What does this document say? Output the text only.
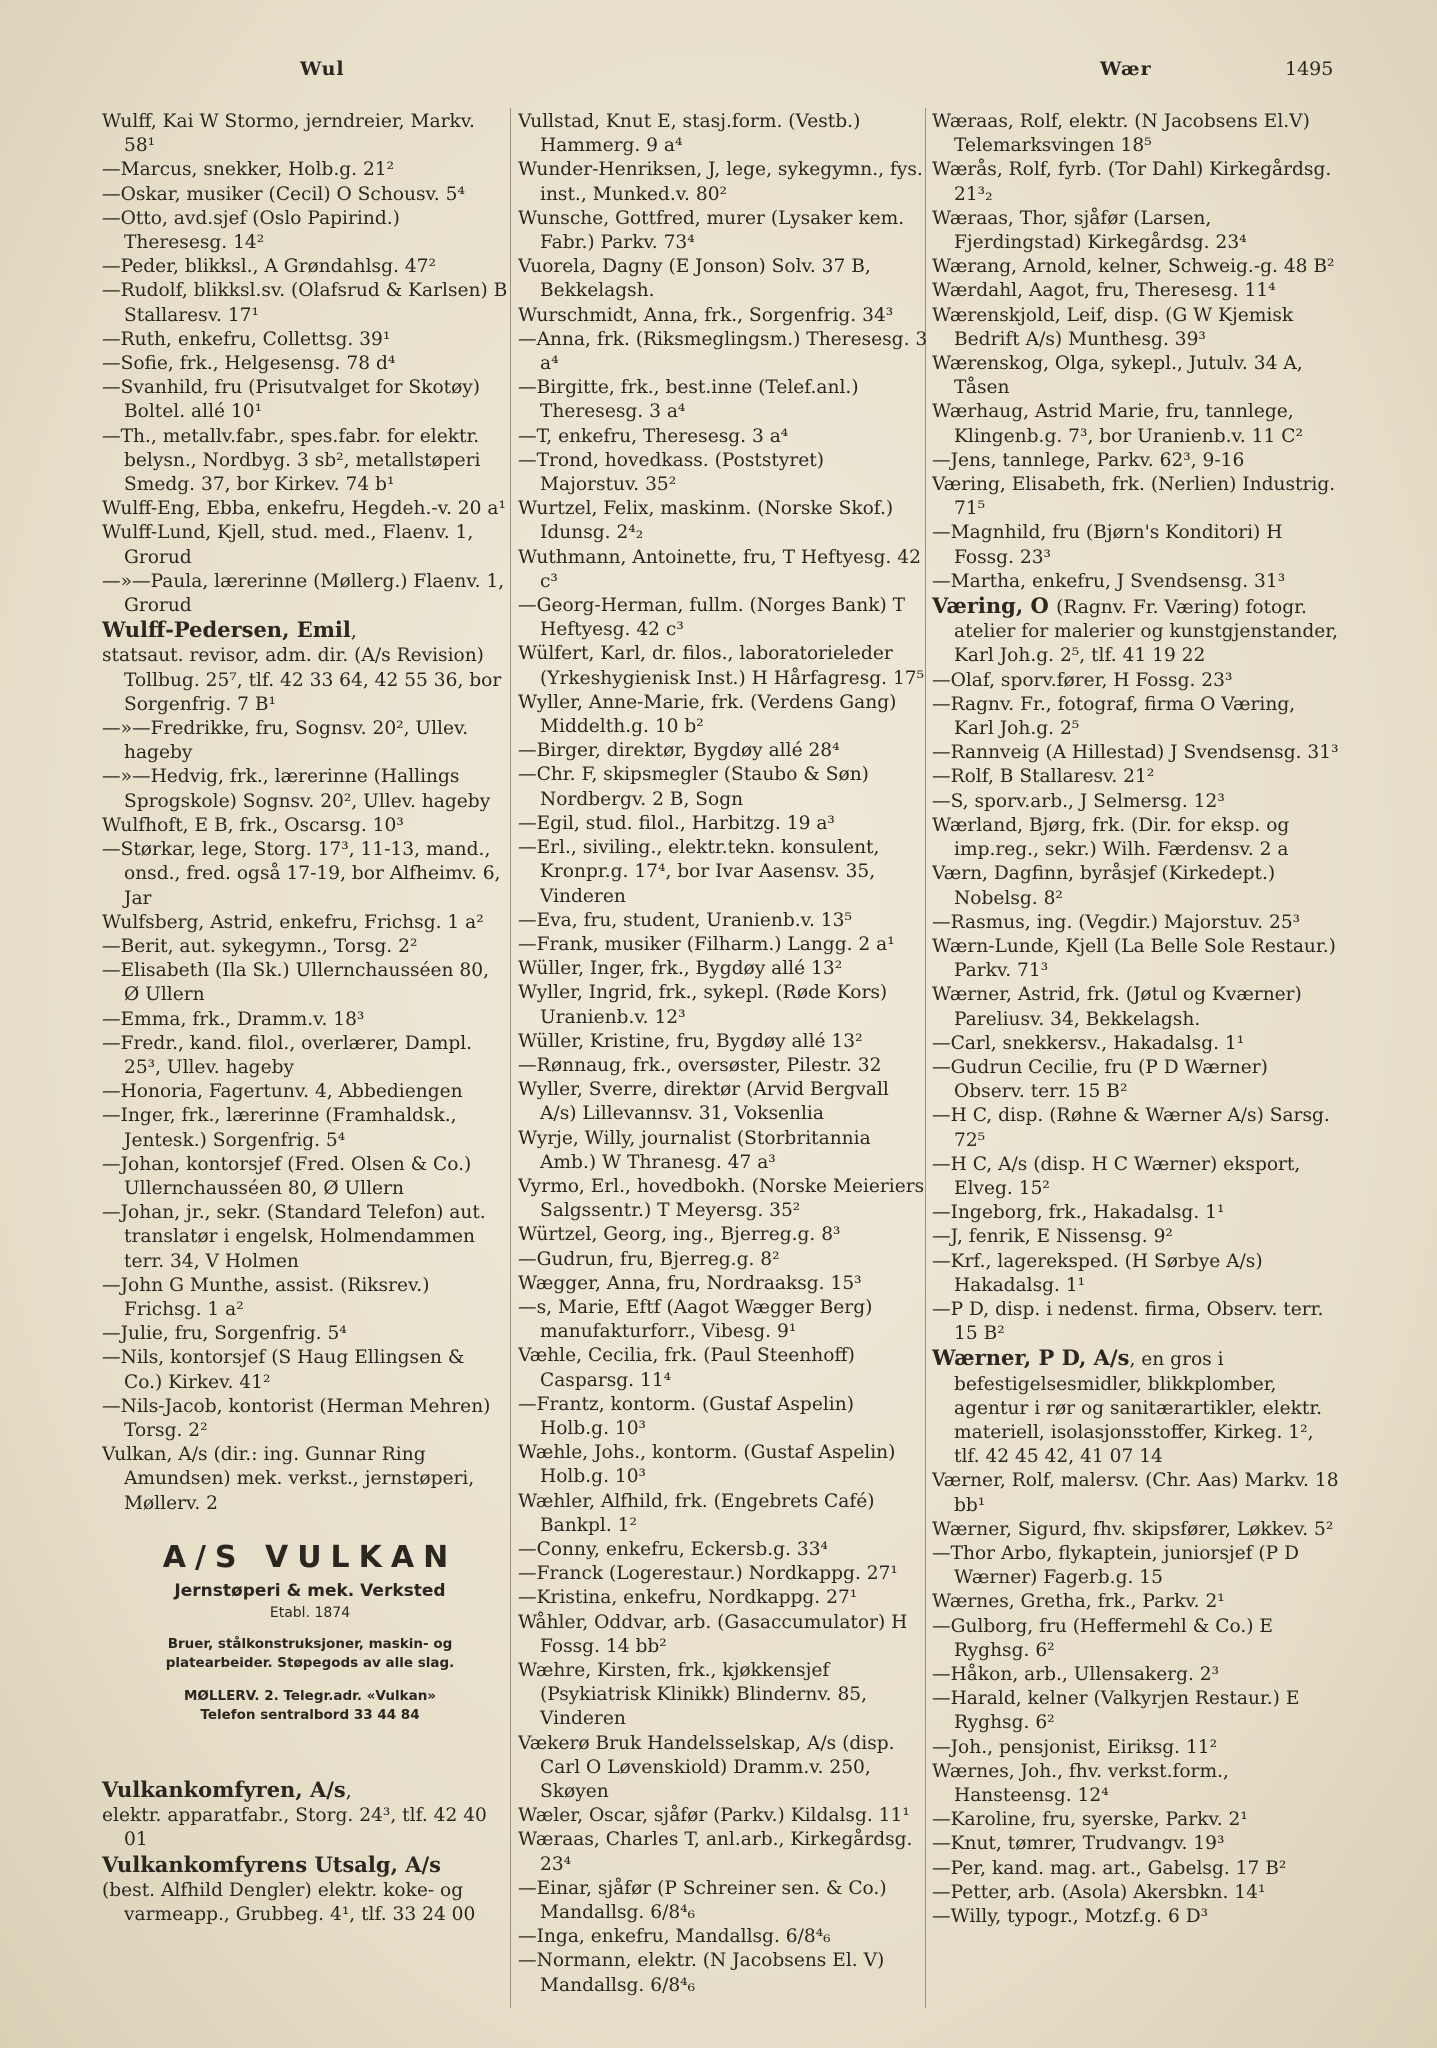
Wul	Wær	1495

Wulff, Kai W Stormo, jerndreier, Markv. 58¹

—Marcus, snekker, Holb.g. 21²

—Oskar, musiker (Cecil) O Schousv. 5⁴

—Otto, avd.sjef (Oslo Papirind.) Theresesg. 14²

—Peder, blikksl., A Grøndahlsg. 47²

—Rudolf, blikksl.sv. (Olafsrud & Karlsen) B Stallaresv. 17¹

—Ruth, enkefru, Collettsg. 39¹

—Sofie, frk., Helgesensg. 78 d⁴

—Svanhild, fru (Prisutvalget for Skotøy) Boltel. allé 10¹

—Th., metallv.fabr., spes.fabr. for elektr. belysn., Nordbyg. 3 sb², metallstøperi Smedg. 37, bor Kirkev. 74 b¹

Wulff-Eng, Ebba, enkefru, Hegdeh.-v. 20 a¹

Wulff-Lund, Kjell, stud. med., Flaenv. 1, Grorud

—»—Paula, lærerinne (Møllerg.) Flaenv. 1, Grorud

Wulff-Pedersen, Emil,

statsaut. revisor, adm. dir. (A/s Revision) Tollbug. 25⁷, tlf. 42 33 64, 42 55 36, bor Sorgenfrig. 7 B¹

—»—Fredrikke, fru, Sognsv. 20², Ullev. hageby

—»—Hedvig, frk., lærerinne (Hallings Sprogskole) Sognsv. 20², Ullev. hageby

Wulfhoft, E B, frk., Oscarsg. 10³

—Størkar, lege, Storg. 17³, 11-13, mand., onsd., fred. også 17-19, bor Alfheimv. 6, Jar

Wulfsberg, Astrid, enkefru, Frichsg. 1 a²

—Berit, aut. sykegymn., Torsg. 2²

—Elisabeth (Ila Sk.) Ullernchausséen 80, Ø Ullern

—Emma, frk., Dramm.v. 18³

—Fredr., kand. filol., overlærer, Dampl. 25³, Ullev. hageby

—Honoria, Fagertunv. 4, Abbediengen

—Inger, frk., lærerinne (Framhaldsk., Jentesk.) Sorgenfrig. 5⁴

—Johan, kontorsjef (Fred. Olsen & Co.) Ullernchausséen 80, Ø Ullern

—Johan, jr., sekr. (Standard Telefon) aut. translatør i engelsk, Holmendammen terr. 34, V Holmen

—John G Munthe, assist. (Riksrev.) Frichsg. 1 a²

—Julie, fru, Sorgenfrig. 5⁴

—Nils, kontorsjef (S Haug Ellingsen & Co.) Kirkev. 41²

—Nils-Jacob, kontorist (Herman Mehren) Torsg. 2²

Vulkan, A/s (dir.: ing. Gunnar Ring Amundsen) mek. verkst., jernstøperi, Møllerv. 2

A/S VULKAN
Jernstøperi & mek. Verksted
Etabl. 1874
Bruer, stålkonstruksjoner, maskin- og
platearbeider. Støpegods av alle slag.
MØLLERV. 2. Telegr.adr. «Vulkan»
Telefon sentralbord 33 44 84

Vulkankomfyren, A/s,

elektr. apparatfabr., Storg. 24³, tlf. 42 40 01

Vulkankomfyrens Utsalg, A/s

(best. Alfhild Dengler) elektr. koke- og varmeapp., Grubbeg. 4¹, tlf. 33 24 00

Vullstad, Knut E, stasj.form. (Vestb.) Hammerg. 9 a⁴

Wunder-Henriksen, J, lege, sykegymn., fys. inst., Munked.v. 80²

Wunsche, Gottfred, murer (Lysaker kem. Fabr.) Parkv. 73⁴

Vuorela, Dagny (E Jonson) Solv. 37 B, Bekkelagsh.

Wurschmidt, Anna, frk., Sorgenfrig. 34³

—Anna, frk. (Riksmeglingsm.) Theresesg. 3 a⁴

—Birgitte, frk., best.inne (Telef.anl.) Theresesg. 3 a⁴

—T, enkefru, Theresesg. 3 a⁴

—Trond, hovedkass. (Poststyret) Majorstuv. 35²

Wurtzel, Felix, maskinm. (Norske Skof.) Idunsg. 2⁴₂

Wuthmann, Antoinette, fru, T Heftyesg. 42 c³

—Georg-Herman, fullm. (Norges Bank) T Heftyesg. 42 c³

Wülfert, Karl, dr. filos., laboratorieleder (Yrkeshygienisk Inst.) H Hårfagresg. 17⁵

Wyller, Anne-Marie, frk. (Verdens Gang) Middelth.g. 10 b²

—Birger, direktør, Bygdøy allé 28⁴

—Chr. F, skipsmegler (Staubo & Søn) Nordbergv. 2 B, Sogn

—Egil, stud. filol., Harbitzg. 19 a³

—Erl., siviling., elektr.tekn. konsulent, Kronpr.g. 17⁴, bor Ivar Aasensv. 35, Vinderen

—Eva, fru, student, Uranienb.v. 13⁵

—Frank, musiker (Filharm.) Langg. 2 a¹

Wüller, Inger, frk., Bygdøy allé 13²

Wyller, Ingrid, frk., sykepl. (Røde Kors) Uranienb.v. 12³

Wüller, Kristine, fru, Bygdøy allé 13²

—Rønnaug, frk., oversøster, Pilestr. 32

Wyller, Sverre, direktør (Arvid Bergvall A/s) Lillevannsv. 31, Voksenlia

Wyrje, Willy, journalist (Storbritannia Amb.) W Thranesg. 47 a³

Vyrmo, Erl., hovedbokh. (Norske Meieriers Salgssentr.) T Meyersg. 35²

Würtzel, Georg, ing., Bjerreg.g. 8³

—Gudrun, fru, Bjerreg.g. 8²

Wægger, Anna, fru, Nordraaksg. 15³

—s, Marie, Eftf (Aagot Wægger Berg) manufakturforr., Vibesg. 9¹

Væhle, Cecilia, frk. (Paul Steenhoff) Casparsg. 11⁴

—Frantz, kontorm. (Gustaf Aspelin) Holb.g. 10³

Wæhle, Johs., kontorm. (Gustaf Aspelin) Holb.g. 10³

Wæhler, Alfhild, frk. (Engebrets Café) Bankpl. 1²

—Conny, enkefru, Eckersb.g. 33⁴

—Franck (Logerestaur.) Nordkappg. 27¹

—Kristina, enkefru, Nordkappg. 27¹

Wåhler, Oddvar, arb. (Gasaccumulator) H Fossg. 14 bb²

Wæhre, Kirsten, frk., kjøkkensjef (Psykiatrisk Klinikk) Blindernv. 85, Vinderen

Vækerø Bruk Handelsselskap, A/s (disp. Carl O Løvenskiold) Dramm.v. 250, Skøyen

Wæler, Oscar, sjåfør (Parkv.) Kildalsg. 11¹

Wæraas, Charles T, anl.arb., Kirkegårdsg. 23⁴

—Einar, sjåfør (P Schreiner sen. & Co.) Mandallsg. 6/8⁴₆

—Inga, enkefru, Mandallsg. 6/8⁴₆

—Normann, elektr. (N Jacobsens El. V) Mandallsg. 6/8⁴₆

Wæraas, Rolf, elektr. (N Jacobsens El.V) Telemarksvingen 18⁵

Wærås, Rolf, fyrb. (Tor Dahl) Kirkegårdsg. 21³₂

Wæraas, Thor, sjåfør (Larsen, Fjerdingstad) Kirkegårdsg. 23⁴

Wærang, Arnold, kelner, Schweig.-g. 48 B²

Wærdahl, Aagot, fru, Theresesg. 11⁴

Wærenskjold, Leif, disp. (G W Kjemisk Bedrift A/s) Munthesg. 39³

Wærenskog, Olga, sykepl., Jutulv. 34 A, Tåsen

Wærhaug, Astrid Marie, fru, tannlege, Klingenb.g. 7³, bor Uranienb.v. 11 C²

—Jens, tannlege, Parkv. 62³, 9-16

Væring, Elisabeth, frk. (Nerlien) Industrig. 71⁵

—Magnhild, fru (Bjørn's Konditori) H Fossg. 23³

—Martha, enkefru, J Svendsensg. 31³

Væring, O (Ragnv. Fr. Væring) fotogr. atelier for malerier og kunstgjenstander, Karl Joh.g. 2⁵, tlf. 41 19 22

—Olaf, sporv.fører, H Fossg. 23³

—Ragnv. Fr., fotograf, firma O Væring, Karl Joh.g. 2⁵

—Rannveig (A Hillestad) J Svendsensg. 31³

—Rolf, B Stallaresv. 21²

—S, sporv.arb., J Selmersg. 12³

Wærland, Bjørg, frk. (Dir. for eksp. og imp.reg., sekr.) Wilh. Færdensv. 2 a

Værn, Dagfinn, byråsjef (Kirkedept.) Nobelsg. 8²

—Rasmus, ing. (Vegdir.) Majorstuv. 25³

Wærn-Lunde, Kjell (La Belle Sole Restaur.) Parkv. 71³

Wærner, Astrid, frk. (Jøtul og Kværner) Pareliusv. 34, Bekkelagsh.

—Carl, snekkersv., Hakadalsg. 1¹

—Gudrun Cecilie, fru (P D Wærner) Observ. terr. 15 B²

—H C, disp. (Røhne & Wærner A/s) Sarsg. 72⁵

—H C, A/s (disp. H C Wærner) eksport, Elveg. 15²

—Ingeborg, frk., Hakadalsg. 1¹

—J, fenrik, E Nissensg. 9²

—Krf., lagereksped. (H Sørbye A/s) Hakadalsg. 1¹

—P D, disp. i nedenst. firma, Observ. terr. 15 B²

Wærner, P D, A/s, en gros i befestigelsesmidler, blikkplomber, agentur i rør og sanitærartikler, elektr. materiell, isolasjonsstoffer, Kirkeg. 1², tlf. 42 45 42, 41 07 14

Værner, Rolf, malersv. (Chr. Aas) Markv. 18 bb¹

Wærner, Sigurd, fhv. skipsfører, Løkkev. 5²

—Thor Arbo, flykaptein, juniorsjef (P D Wærner) Fagerb.g. 15

Wærnes, Gretha, frk., Parkv. 2¹

—Gulborg, fru (Heffermehl & Co.) E Ryghsg. 6²

—Håkon, arb., Ullensakerg. 2³

—Harald, kelner (Valkyrjen Restaur.) E Ryghsg. 6²

—Joh., pensjonist, Eiriksg. 11²

Wærnes, Joh., fhv. verkst.form., Hansteensg. 12⁴

—Karoline, fru, syerske, Parkv. 2¹

—Knut, tømrer, Trudvangv. 19³

—Per, kand. mag. art., Gabelsg. 17 B²

—Petter, arb. (Asola) Akersbkn. 14¹

—Willy, typogr., Motzf.g. 6 D³
